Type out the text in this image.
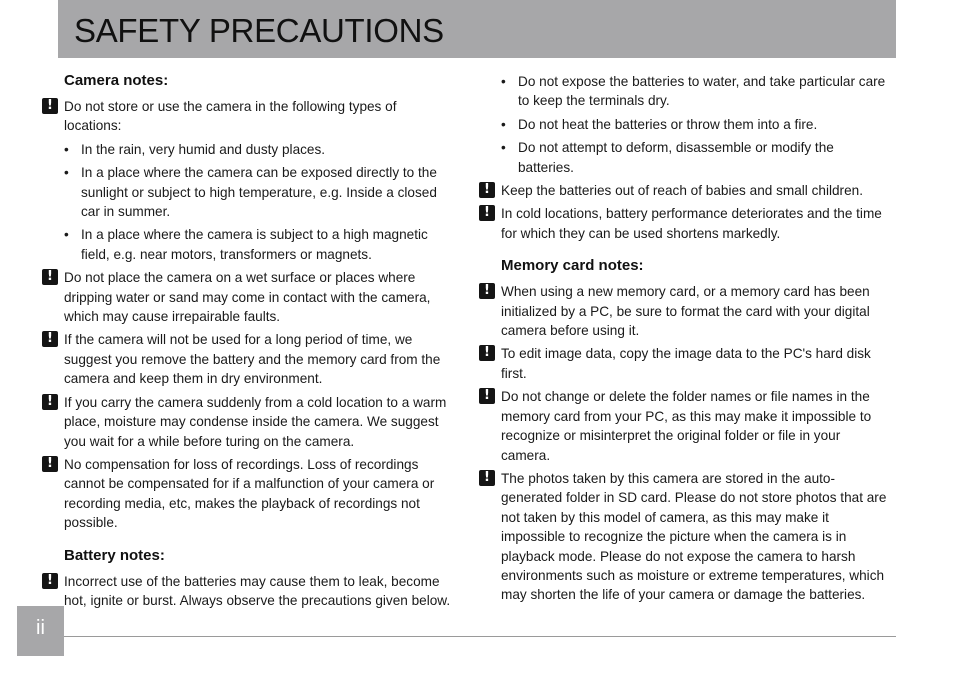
SAFETY PRECAUTIONS
Camera notes:
! Do not store or use the camera in the following types of locations:
• In the rain, very humid and dusty places.
• In a place where the camera can be exposed directly to the sunlight or subject to high temperature, e.g. Inside a closed car in summer.
• In a place where the camera is subject to a high magnetic field, e.g. near motors, transformers or magnets.
! Do not place the camera on a wet surface or places where dripping water or sand may come in contact with the camera, which may cause irrepairable faults.
! If the camera will not be used for a long period of time, we suggest you remove the battery and the memory card from the camera and keep them in dry environment.
! If you carry the camera suddenly from a cold location to a warm place, moisture may condense inside the camera. We suggest you wait for a while before turing on the camera.
! No compensation for loss of recordings. Loss of recordings cannot be compensated for if a malfunction of your camera or recording media, etc, makes the playback of recordings not possible.
Battery notes:
! Incorrect use of the batteries may cause them to leak, become hot, ignite or burst. Always observe the precautions given below.
• Do not expose the batteries to water, and take particular care to keep the terminals dry.
• Do not heat the batteries or throw them into a fire.
• Do not attempt to deform, disassemble or modify the batteries.
! Keep the batteries out of reach of babies and small children.
! In cold locations, battery performance deteriorates and the time for which they can be used shortens markedly.
Memory card notes:
! When using a new memory card, or a memory card has been initialized by a PC, be sure to format the card with your digital camera before using it.
! To edit image data, copy the image data to the PC's hard disk first.
! Do not change or delete the folder names or file names in the memory card from your PC, as this may make it impossible to recognize or misinterpret the original folder or file in your camera.
! The photos taken by this camera are stored in the auto-generated folder in SD card. Please do not store photos that are not taken by this model of camera, as this may make it impossible to recognize the picture when the camera is in playback mode. Please do not expose the camera to harsh environments such as moisture or extreme temperatures, which may shorten the life of your camera or damage the batteries.
ii
